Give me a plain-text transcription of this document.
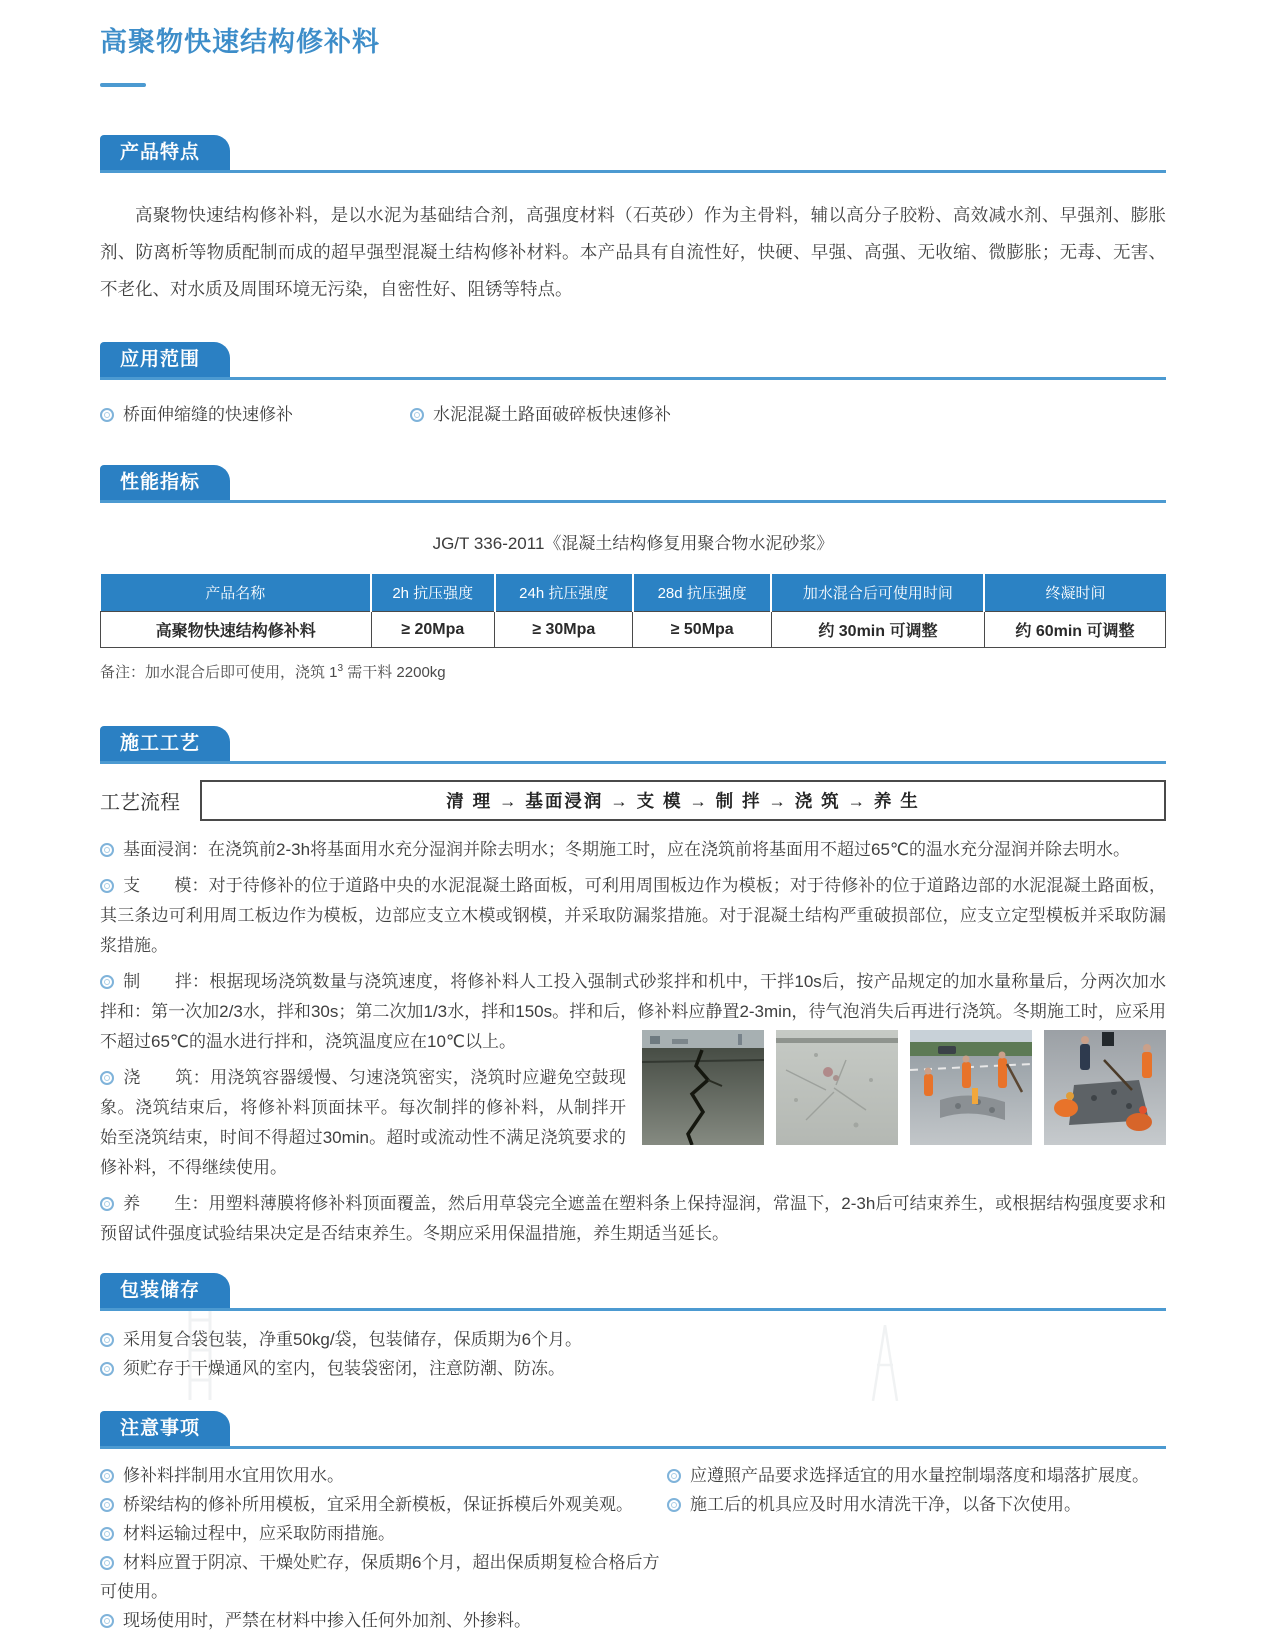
高聚物快速结构修补料
产品特点

高聚物快速结构修补料，是以水泥为基础结合剂，高强度材料（石英砂）作为主骨料，辅以高分子胶粉、高效减水剂、早强剂、膨胀剂、防离析等物质配制而成的超早强型混凝土结构修补材料。本产品具有自流性好，快硬、早强、高强、无收缩、微膨胀；无毒、无害、不老化、对水质及周围环境无污染，自密性好、阻锈等特点。

应用范围
桥面伸缩缝的快速修补	水泥混凝土路面破碎板快速修补
性能指标
JG/T 336-2011《混凝土结构修复用聚合物水泥砂浆》
产品名称	2h 抗压强度	24h 抗压强度	28d 抗压强度	加水混合后可使用时间	终凝时间
高聚物快速结构修补料	≥ 20Mpa	≥ 30Mpa	≥ 50Mpa	约 30min 可调整	约 60min 可调整
备注：加水混合后即可使用，浇筑 $1^3$ 需干料 2200kg
施工工艺
工艺流程	清 理 → 基面浸润 → 支 模 → 制 拌 → 浇 筑 → 养 生

基面浸润：在浇筑前2-3h将基面用水充分湿润并除去明水；冬期施工时，应在浇筑前将基面用不超过65℃的温水充分湿润并除去明水。

支　　模：对于待修补的位于道路中央的水泥混凝土路面板，可利用周围板边作为模板；对于待修补的位于道路边部的水泥混凝土路面板，其三条边可利用周工板边作为模板，边部应支立木模或钢模，并采取防漏浆措施。对于混凝土结构严重破损部位，应支立定型模板并采取防漏浆措施。

制　　拌：根据现场浇筑数量与浇筑速度，将修补料人工投入强制式砂浆拌和机中，干拌10s后，按产品规定的加水量称量后，分两次加水拌和：第一次加2/3水，拌和30s；第二次加1/3水，拌和150s。拌和后，修补料应静置2-3min，待气泡消失后再进行浇筑。冬期施工时，应采用不
超过65℃的温水进行拌和，浇筑温度应在10℃以上。

浇　　筑：用浇筑容器缓慢、匀速浇筑密实，浇筑时应避免空鼓现象。浇筑结束后，将修补料顶面抹平。每次制拌的修补料，从制拌开始至浇筑结束，时间不得超过30min。超时或流动性不满足浇筑要求的修补料，不得继续使用。

养　　生：用塑料薄膜将修补料顶面覆盖，然后用草袋完全遮盖在塑料条上保持湿润，常温下，2-3h后可结束养生，或根据结构强度要求和预留试件强度试验结果决定是否结束养生。冬期应采用保温措施，养生期适当延长。

包装储存
采用复合袋包装，净重50kg/袋，包装储存，保质期为6个月。
须贮存于干燥通风的室内，包装袋密闭，注意防潮、防冻。
注意事项
修补料拌制用水宜用饮用水。
桥梁结构的修补所用模板，宜采用全新模板，保证拆模后外观美观。
材料运输过程中，应采取防雨措施。
材料应置于阴凉、干燥处贮存，保质期6个月，超出保质期复检合格后方可使用。
现场使用时，严禁在材料中掺入任何外加剂、外掺料。
应遵照产品要求选择适宜的用水量控制塌落度和塌落扩展度。
施工后的机具应及时用水清洗干净，以备下次使用。
